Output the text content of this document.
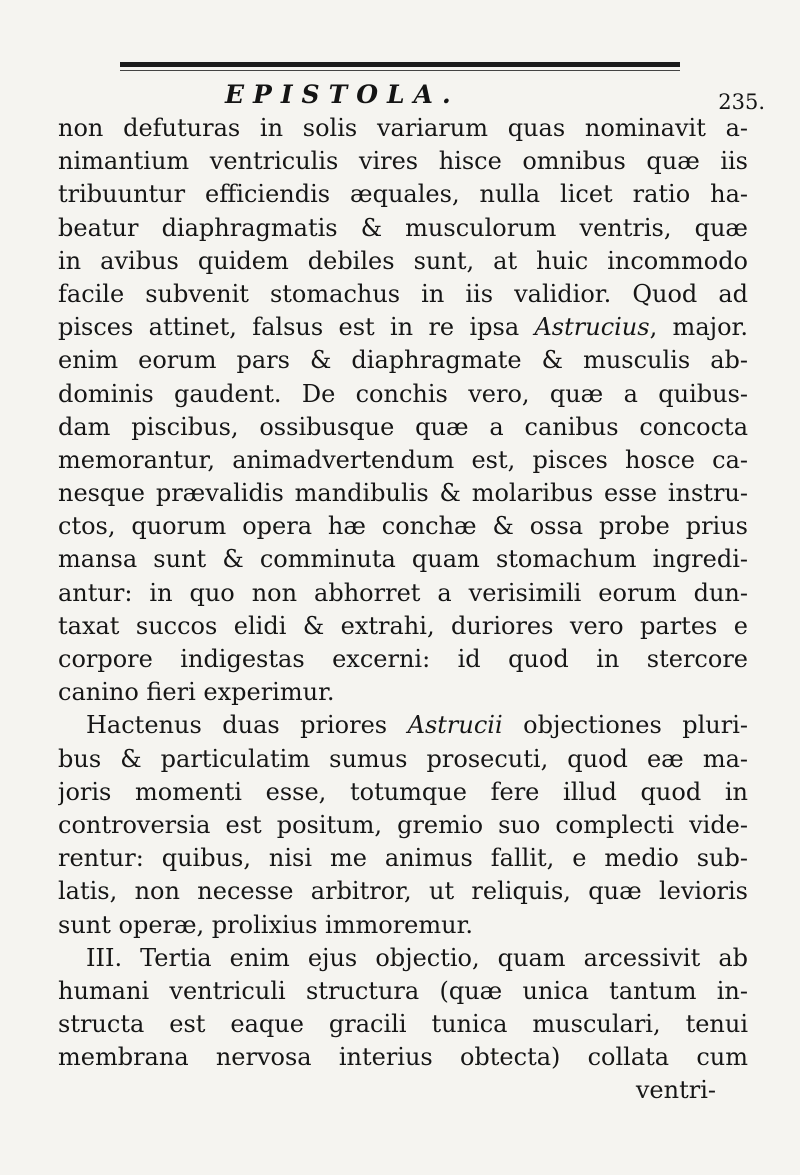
EPISTOLA.	235.
non defuturas in solis variarum quas nominavit a-
nimantium ventriculis vires hisce omnibus quæ iis
tribuuntur efficiendis æquales, nulla licet ratio ha-
beatur diaphragmatis & musculorum ventris, quæ
in avibus quidem debiles sunt, at huic incommodo
facile subvenit stomachus in iis validior. Quod ad
pisces attinet, falsus est in re ipsa Astrucius, major.
enim eorum pars & diaphragmate & musculis ab-
dominis gaudent. De conchis vero, quæ a quibus-
dam piscibus, ossibusque quæ a canibus concocta
memorantur, animadvertendum est, pisces hosce ca-
nesque prævalidis mandibulis & molaribus esse instru-
ctos, quorum opera hæ conchæ & ossa probe prius
mansa sunt & comminuta quam stomachum ingredi-
antur: in quo non abhorret a verisimili eorum dun-
taxat succos elidi & extrahi, duriores vero partes e
corpore indigestas excerni: id quod in stercore
canino fieri experimur.
Hactenus duas priores Astrucii objectiones pluri-
bus & particulatim sumus prosecuti, quod eæ ma-
joris momenti esse, totumque fere illud quod in
controversia est positum, gremio suo complecti vide-
rentur: quibus, nisi me animus fallit, e medio sub-
latis, non necesse arbitror, ut reliquis, quæ levioris
sunt operæ, prolixius immoremur.
III. Tertia enim ejus objectio, quam arcessivit ab
humani ventriculi structura (quæ unica tantum in-
structa est eaque gracili tunica musculari, tenui
membrana nervosa interius obtecta) collata cum
ventri-
